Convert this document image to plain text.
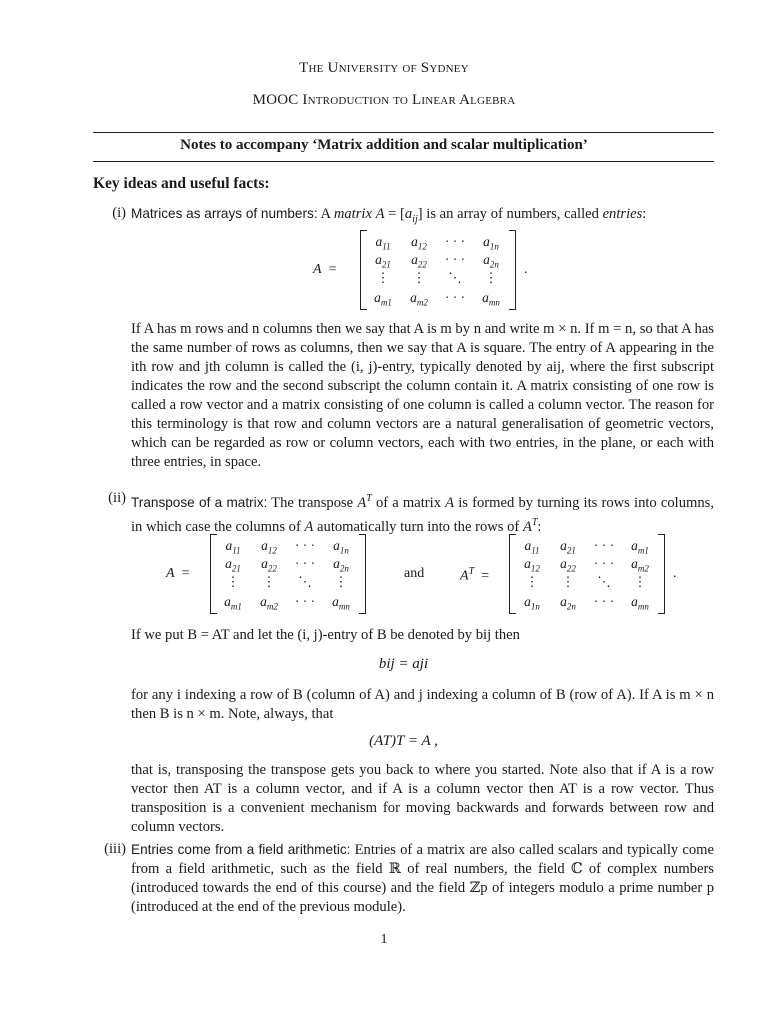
The University of Sydney
MOOC Introduction to Linear Algebra
Notes to accompany ‘Matrix addition and scalar multiplication’
Key ideas and useful facts:
(i) Matrices as arrays of numbers: A matrix $A = [a_{ij}]$ is an array of numbers, called entries:
A  =
$a_{11}$	$a_{12}$	· · ·	$a_{1n}$
$a_{21}$	$a_{22}$	· · ·	$a_{2n}$
⋮	⋮	⋱	⋮
$a_{m1}$	$a_{m2}$	· · ·	$a_{mn}$
.
If A has m rows and n columns then we say that A is m by n and write m × n. If m = n, so that A has the same number of rows as columns, then we say that A is square. The entry of A appearing in the ith row and jth column is called the (i, j)-entry, typically denoted by aij, where the first subscript indicates the row and the second subscript the column contain it. A matrix consisting of one row is called a row vector and a matrix consisting of one column is called a column vector. The reason for this terminology is that row and column vectors are a natural generalisation of geometric vectors, which can be regarded as row or column vectors, each with two entries, in the plane, or each with three entries, in space.
(ii) Transpose of a matrix: The transpose $A^T$ of a matrix A is formed by turning its rows into columns, in which case the columns of A automatically turn into the rows of $A^T$:
A  =
$a_{11}$	$a_{12}$	· · ·	$a_{1n}$
$a_{21}$	$a_{22}$	· · ·	$a_{2n}$
⋮	⋮	⋱	⋮
$a_{m1}$	$a_{m2}$	· · ·	$a_{mn}$
and	$A^T$  =
$a_{11}$	$a_{21}$	· · ·	$a_{m1}$
$a_{12}$	$a_{22}$	· · ·	$a_{m2}$
⋮	⋮	⋱	⋮
$a_{1n}$	$a_{2n}$	· · ·	$a_{mn}$
.
If we put B = AT and let the (i, j)-entry of B be denoted by bij then
bij = aji
for any i indexing a row of B (column of A) and j indexing a column of B (row of A). If A is m × n then B is n × m. Note, always, that
(AT)T = A ,
that is, transposing the transpose gets you back to where you started. Note also that if A is a row vector then AT is a column vector, and if A is a column vector then AT is a row vector. Thus transposition is a convenient mechanism for moving backwards and forwards between row and column vectors.
(iii) Entries come from a field arithmetic: Entries of a matrix are also called scalars and typically come from a field arithmetic, such as the field ℝ of real numbers, the field ℂ of complex numbers (introduced towards the end of this course) and the field ℤp of integers modulo a prime number p (introduced at the end of the previous module).
1
